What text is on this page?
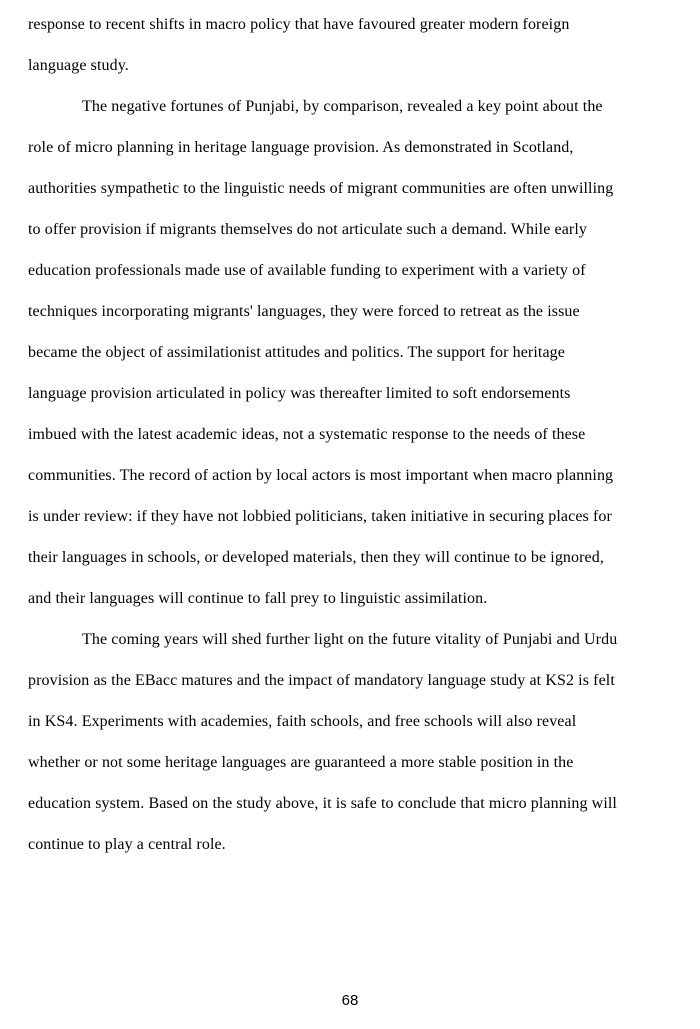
response to recent shifts in macro policy that have favoured greater modern foreign
language study.
The negative fortunes of Punjabi, by comparison, revealed a key point about the
role of micro planning in heritage language provision. As demonstrated in Scotland,
authorities sympathetic to the linguistic needs of migrant communities are often unwilling
to offer provision if migrants themselves do not articulate such a demand. While early
education professionals made use of available funding to experiment with a variety of
techniques incorporating migrants' languages, they were forced to retreat as the issue
became the object of assimilationist attitudes and politics. The support for heritage
language provision articulated in policy was thereafter limited to soft endorsements
imbued with the latest academic ideas, not a systematic response to the needs of these
communities. The record of action by local actors is most important when macro planning
is under review: if they have not lobbied politicians, taken initiative in securing places for
their languages in schools, or developed materials, then they will continue to be ignored,
and their languages will continue to fall prey to linguistic assimilation.
The coming years will shed further light on the future vitality of Punjabi and Urdu
provision as the EBacc matures and the impact of mandatory language study at KS2 is felt
in KS4. Experiments with academies, faith schools, and free schools will also reveal
whether or not some heritage languages are guaranteed a more stable position in the
education system. Based on the study above, it is safe to conclude that micro planning will
continue to play a central role.
68
